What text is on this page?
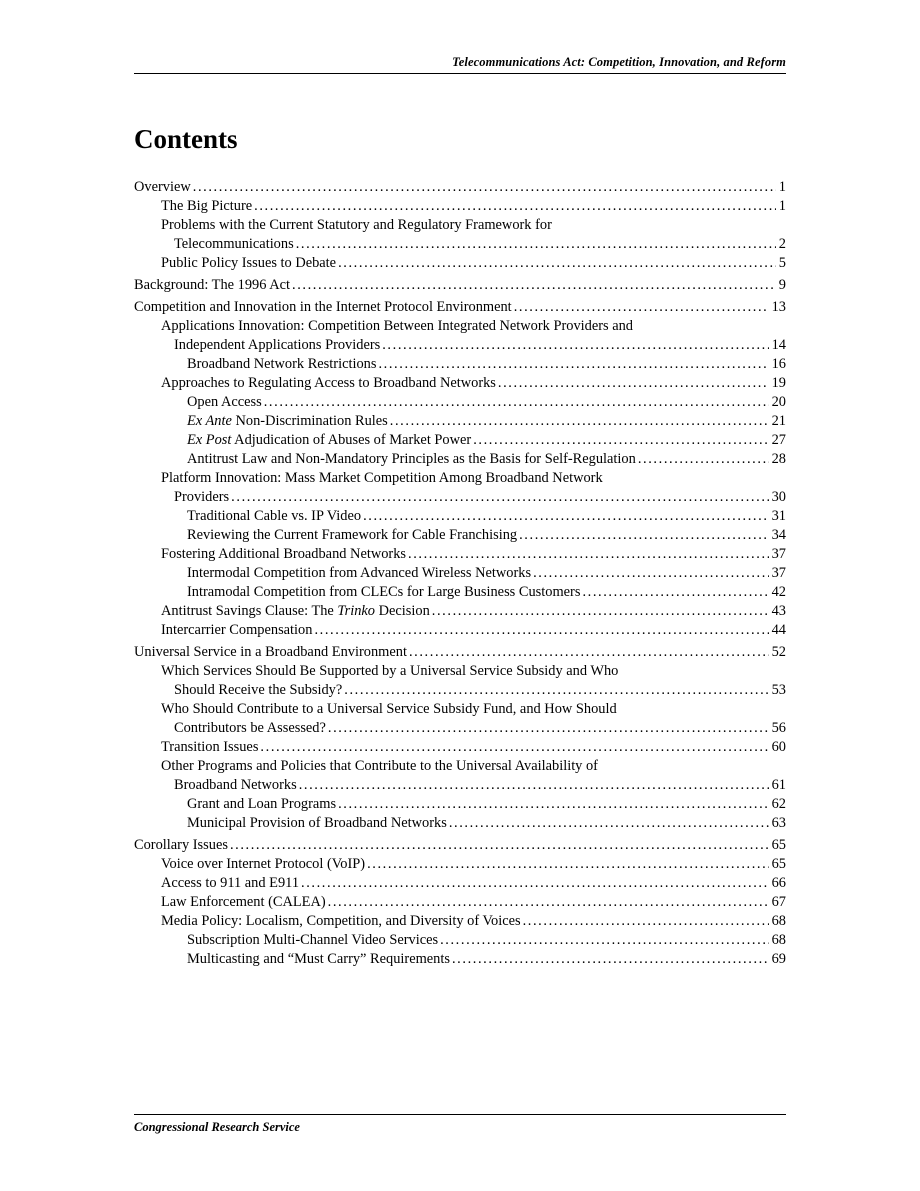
Telecommunications Act: Competition, Innovation, and Reform
Contents
Overview .....	1
The Big Picture .....	1
Problems with the Current Statutory and Regulatory Framework for
Telecommunications .....	2
Public Policy Issues to Debate .....	5
Background: The 1996 Act .....	9
Competition and Innovation in the Internet Protocol Environment .....	13
Applications Innovation: Competition Between Integrated Network Providers and
Independent Applications Providers .....	14
Broadband Network Restrictions .....	16
Approaches to Regulating Access to Broadband Networks .....	19
Open Access .....	20
Ex Ante Non-Discrimination Rules .....	21
Ex Post Adjudication of Abuses of Market Power .....	27
Antitrust Law and Non-Mandatory Principles as the Basis for Self-Regulation .....	28
Platform Innovation: Mass Market Competition Among Broadband Network
Providers .....	30
Traditional Cable vs. IP Video .....	31
Reviewing the Current Framework for Cable Franchising .....	34
Fostering Additional Broadband Networks .....	37
Intermodal Competition from Advanced Wireless Networks .....	37
Intramodal Competition from CLECs for Large Business Customers .....	42
Antitrust Savings Clause: The Trinko Decision .....	43
Intercarrier Compensation .....	44
Universal Service in a Broadband Environment .....	52
Which Services Should Be Supported by a Universal Service Subsidy and Who
Should Receive the Subsidy? .....	53
Who Should Contribute to a Universal Service Subsidy Fund, and How Should
Contributors be Assessed? .....	56
Transition Issues .....	60
Other Programs and Policies that Contribute to the Universal Availability of
Broadband Networks .....	61
Grant and Loan Programs .....	62
Municipal Provision of Broadband Networks .....	63
Corollary Issues .....	65
Voice over Internet Protocol (VoIP) .....	65
Access to 911 and E911 .....	66
Law Enforcement (CALEA) .....	67
Media Policy: Localism, Competition, and Diversity of Voices .....	68
Subscription Multi-Channel Video Services .....	68
Multicasting and “Must Carry” Requirements .....	69
Congressional Research Service
